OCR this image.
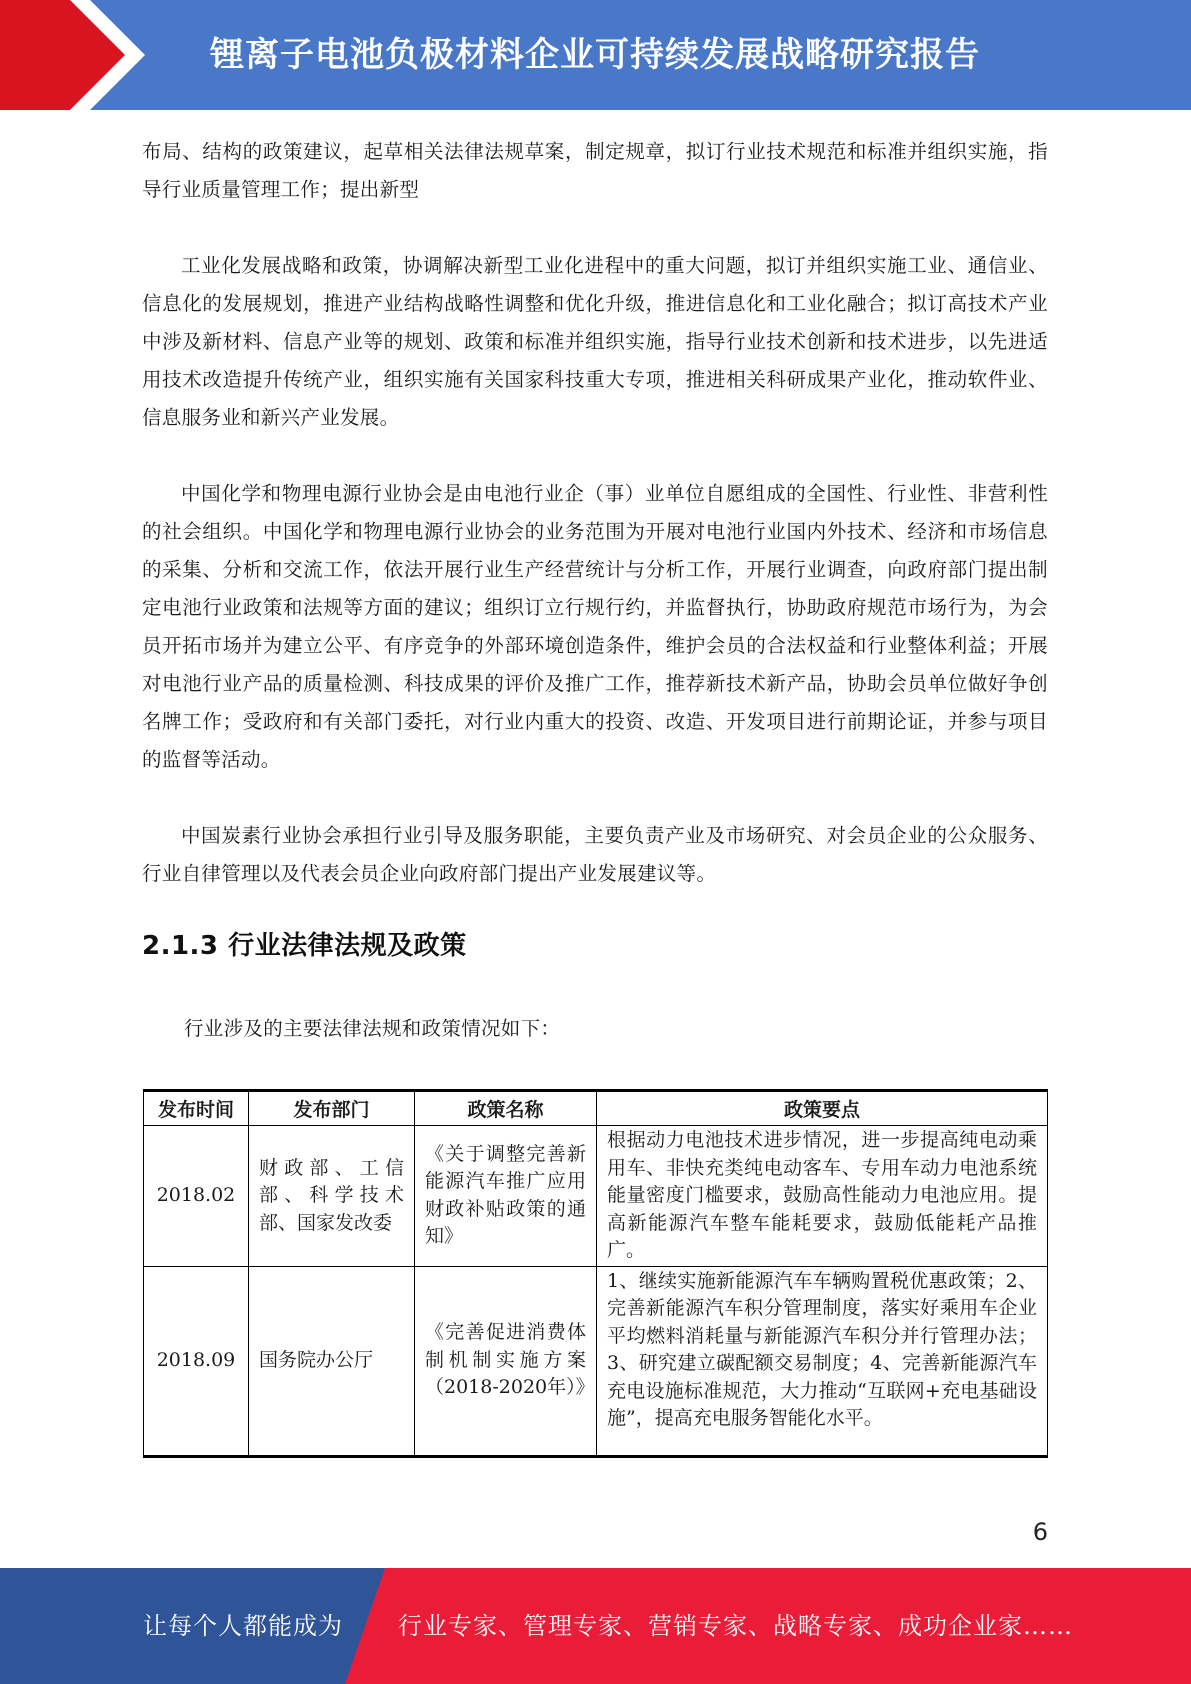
锂离子电池负极材料企业可持续发展战略研究报告

布局、结构的政策建议，起草相关法律法规草案，制定规章，拟订行业技术规范和标准并组织实施，指导行业质量管理工作；提出新型

工业化发展战略和政策，协调解决新型工业化进程中的重大问题，拟订并组织实施工业、通信业、信息化的发展规划，推进产业结构战略性调整和优化升级，推进信息化和工业化融合；拟订高技术产业中涉及新材料、信息产业等的规划、政策和标准并组织实施，指导行业技术创新和技术进步，以先进适用技术改造提升传统产业，组织实施有关国家科技重大专项，推进相关科研成果产业化，推动软件业、信息服务业和新兴产业发展。

中国化学和物理电源行业协会是由电池行业企（事）业单位自愿组成的全国性、行业性、非营利性的社会组织。中国化学和物理电源行业协会的业务范围为开展对电池行业国内外技术、经济和市场信息的采集、分析和交流工作，依法开展行业生产经营统计与分析工作，开展行业调查，向政府部门提出制定电池行业政策和法规等方面的建议；组织订立行规行约，并监督执行，协助政府规范市场行为，为会员开拓市场并为建立公平、有序竞争的外部环境创造条件，维护会员的合法权益和行业整体利益；开展对电池行业产品的质量检测、科技成果的评价及推广工作，推荐新技术新产品，协助会员单位做好争创名牌工作；受政府和有关部门委托，对行业内重大的投资、改造、开发项目进行前期论证，并参与项目的监督等活动。

中国炭素行业协会承担行业引导及服务职能，主要负责产业及市场研究、对会员企业的公众服务、行业自律管理以及代表会员企业向政府部门提出产业发展建议等。

2.1.3 行业法律法规及政策
行业涉及的主要法律法规和政策情况如下：
发布时间	发布部门	政策名称	政策要点
2018.02	财政部、工信部、科学技术部、国家发改委	《关于调整完善新能源汽车推广应用财政补贴政策的通知》	根据动力电池技术进步情况，进一步提高纯电动乘用车、非快充类纯电动客车、专用车动力电池系统能量密度门槛要求，鼓励高性能动力电池应用。提高新能源汽车整车能耗要求，鼓励低能耗产品推广。
2018.09	国务院办公厅	《完善促进消费体制机制实施方案（2018-2020年）》	1、继续实施新能源汽车车辆购置税优惠政策；2、完善新能源汽车积分管理制度，落实好乘用车企业平均燃料消耗量与新能源汽车积分并行管理办法；3、研究建立碳配额交易制度；4、完善新能源汽车充电设施标准规范，大力推动“互联网+充电基础设施”，提高充电服务智能化水平。
6
让每个人都能成为 行业专家、管理专家、营销专家、战略专家、成功企业家……
